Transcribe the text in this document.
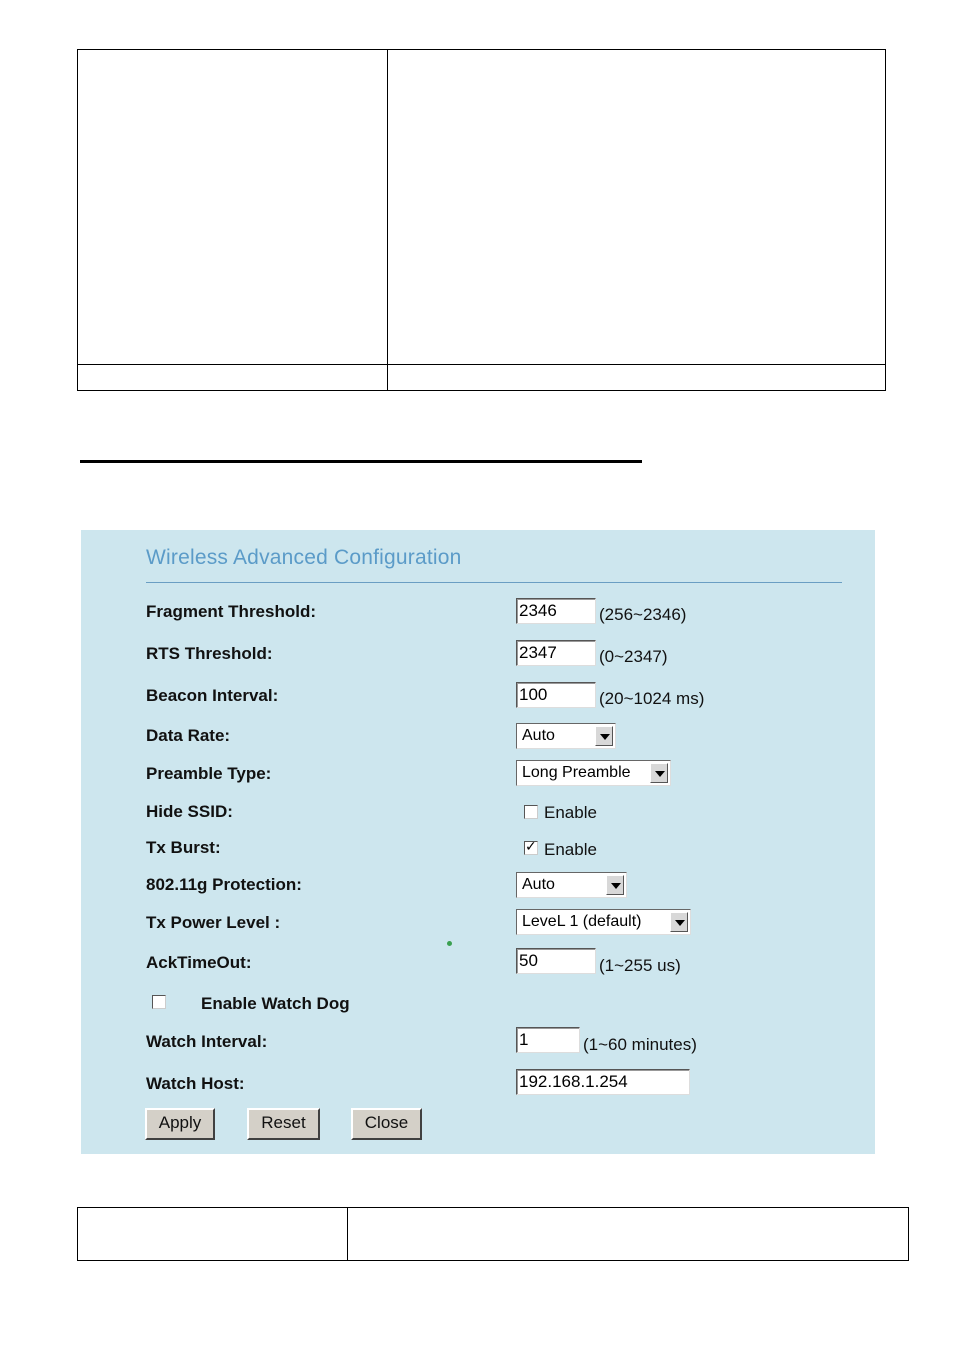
Wireless Advanced Configuration
Fragment Threshold:	2346	(256~2346)
RTS Threshold:	2347	(0~2347)
Beacon Interval:	100	(20~1024 ms)
Data Rate:	Auto
Preamble Type:	Long Preamble
Hide SSID:	Enable
Tx Burst:
✓	Enable
802.11g Protection:	Auto
Tx Power Level :	LeveL 1 (default)
AckTimeOut:	50	(1~255 us)
Enable Watch Dog
Watch Interval:	1	(1~60 minutes)
Watch Host:	192.168.1.254
Apply	Reset	Close
